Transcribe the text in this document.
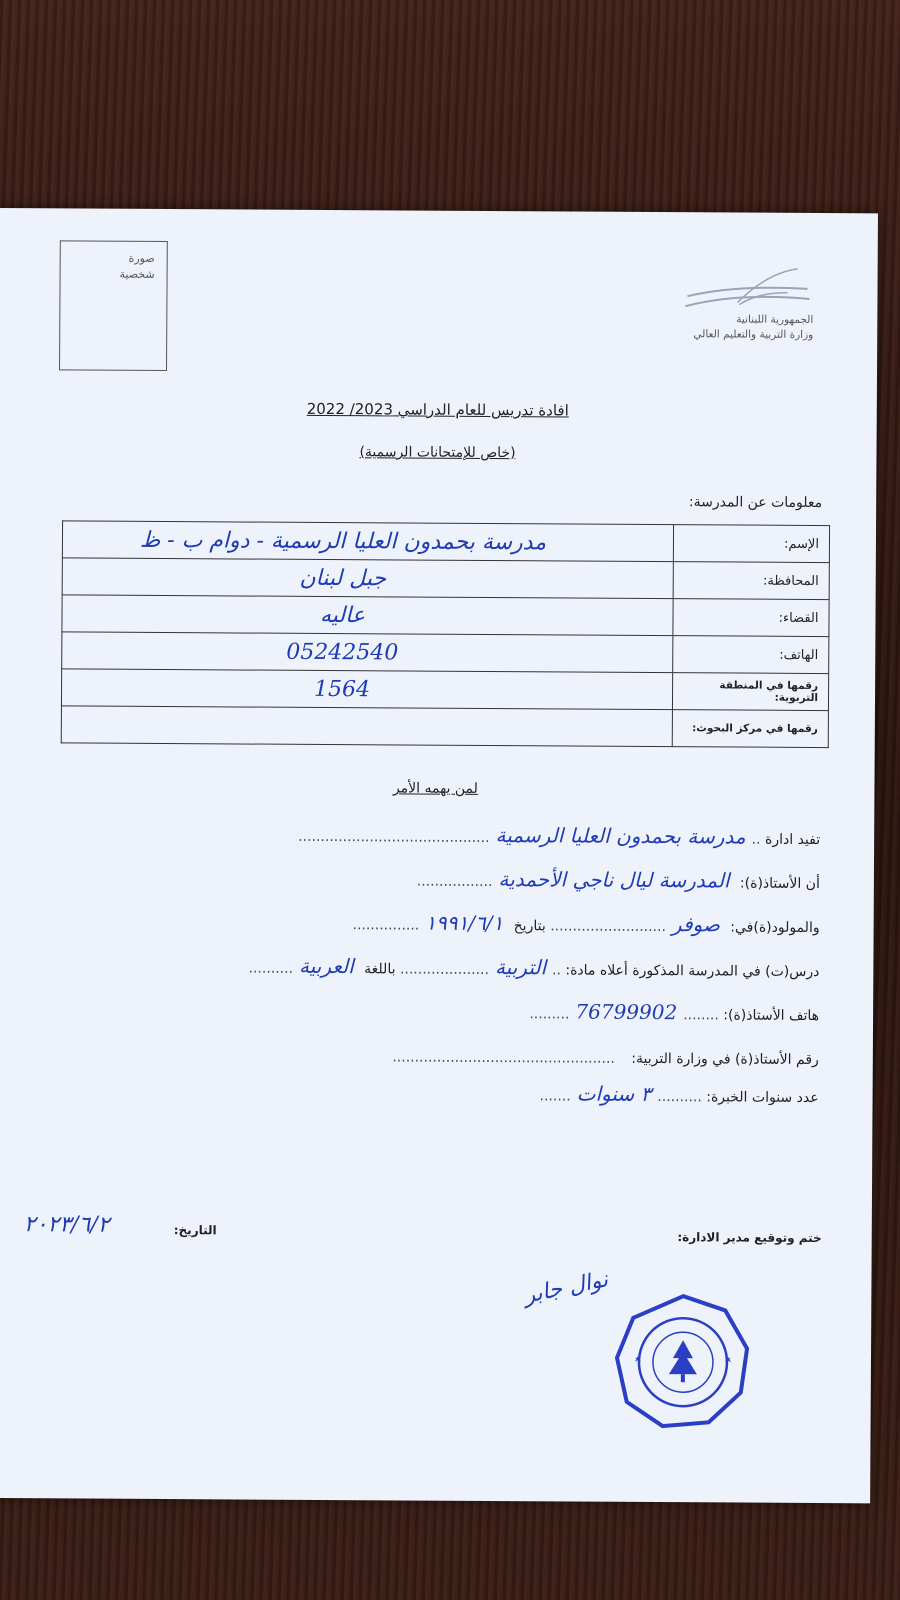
صورة
شخصية
الجمهورية اللبنانية
وزارة التربية والتعليم العالي
افادة تدريس للعام الدراسي 2023/ 2022
(خاص للإمتحانات الرسمية)
معلومات عن المدرسة:
الإسم:	مدرسة بحمدون العليا الرسمية - دوام ب - ظ
المحافظة:	جبل لبنان
القضاء:	عاليه
الهاتف:	05242540
رقمها في المنطقة التربوية:	1564
رقمها في مركز البحوث:	
لمن يهمه الأمر
تفيد ادارة ..مدرسة بحمدون العليا الرسمية...........................................
أن الأستاذ(ة): المدرسة ليال ناجي الأحمدية.................
والمولود(ة)في: صوفر.......................... بتاريخ ١٩٩١/٦/١...............
درس(ت) في المدرسة المذكورة أعلاه مادة: ..التربية.................... باللغة العربية..........
هاتف الأستاذ(ة): ........76799902.........
رقم الأستاذ(ة) في وزارة التربية: ..................................................
عدد سنوات الخبرة: ..........٣ سنوات.......
ختم وتوقيع مدير الادارة:
التاريخ:
٢٠٢٣/٦/٢
نوال جابر
